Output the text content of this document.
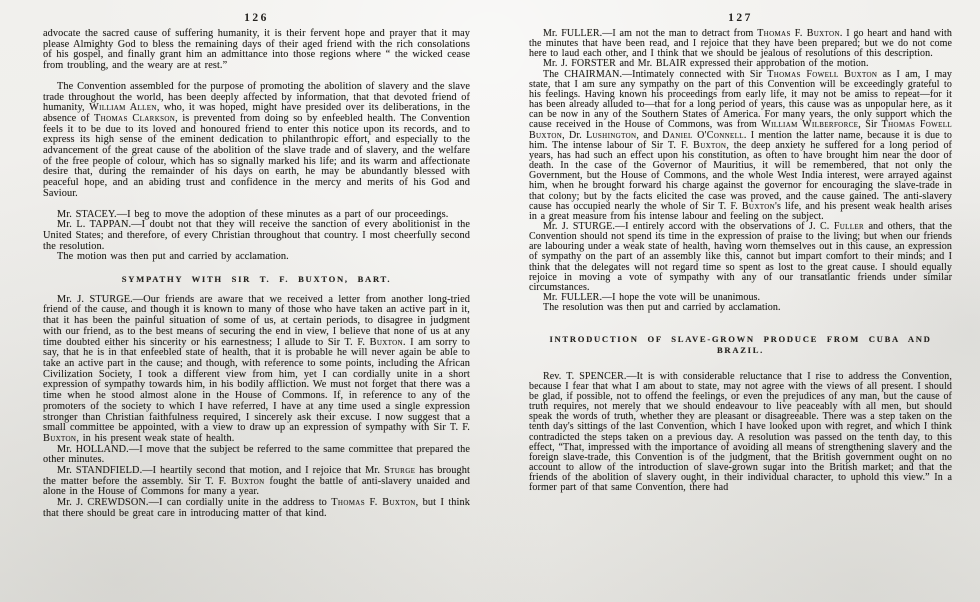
126

advocate the sacred cause of suffering humanity, it is their fervent hope and prayer that it may please Almighty God to bless the remaining days of their aged friend with the rich consolations of his gospel, and finally grant him an admittance into those regions where “ the wicked cease from troubling, and the weary are at rest.”

The Convention assembled for the purpose of promoting the abolition of slavery and the slave trade throughout the world, has been deeply affected by information, that that devoted friend of humanity, William Allen, who, it was hoped, might have presided over its deliberations, in the absence of Thomas Clarkson, is prevented from doing so by enfeebled health. The Convention feels it to be due to its loved and honoured friend to enter this notice upon its records, and to express its high sense of the eminent dedication to philanthropic effort, and especially to the advancement of the great cause of the abolition of the slave trade and of slavery, and the welfare of the free people of colour, which has so signally marked his life; and its warm and affectionate desire that, during the remainder of his days on earth, he may be abundantly blessed with peaceful hope, and an abiding trust and confidence in the mercy and merits of his God and Saviour.

Mr. STACEY.—I beg to move the adoption of these minutes as a part of our proceedings.

Mr. L. TAPPAN.—I doubt not that they will receive the sanction of every abolitionist in the United States; and therefore, of every Christian throughout that country. I most cheerfully second the resolution.

The motion was then put and carried by acclamation.

SYMPATHY WITH SIR T. F. BUXTON, BART.

Mr. J. STURGE.—Our friends are aware that we received a letter from another long-tried friend of the cause, and though it is known to many of those who have taken an active part in it, that it has been the painful situation of some of us, at certain periods, to disagree in judgment with our friend, as to the best means of securing the end in view, I believe that none of us at any time doubted either his sincerity or his earnestness; I allude to Sir T. F. Buxton. I am sorry to say, that he is in that enfeebled state of health, that it is probable he will never again be able to take an active part in the cause; and though, with reference to some points, including the African Civilization Society, I took a different view from him, yet I can cordially unite in a short expression of sympathy towards him, in his bodily affliction. We must not forget that there was a time when he stood almost alone in the House of Commons. If, in reference to any of the promoters of the society to which I have referred, I have at any time used a single expression stronger than Christian faithfulness required, I sincerely ask their excuse. I now suggest that a small committee be appointed, with a view to draw up an expression of sympathy with Sir T. F. Buxton, in his present weak state of health.

Mr. HOLLAND.—I move that the subject be referred to the same committee that prepared the other minutes.

Mr. STANDFIELD.—I heartily second that motion, and I rejoice that Mr. Sturge has brought the matter before the assembly. Sir T. F. Buxton fought the battle of anti-slavery unaided and alone in the House of Commons for many a year.

Mr. J. CREWDSON.—I can cordially unite in the address to Thomas F. Buxton, but I think that there should be great care in introducing matter of that kind.

127

Mr. FULLER.—I am not the man to detract from Thomas F. Buxton. I go heart and hand with the minutes that have been read, and I rejoice that they have been prepared; but we do not come here to laud each other, and I think that we should be jealous of resolutions of this description.

Mr. J. FORSTER and Mr. BLAIR expressed their approbation of the motion.

The CHAIRMAN.—Intimately connected with Sir Thomas Fowell Buxton as I am, I may state, that I am sure any sympathy on the part of this Convention will be exceedingly grateful to his feelings. Having known his proceedings from early life, it may not be amiss to repeat—for it has been already alluded to—that for a long period of years, this cause was as unpopular here, as it can be now in any of the Southern States of America. For many years, the only support which the cause received in the House of Commons, was from William Wilberforce, Sir Thomas Fowell Buxton, Dr. Lushington, and Daniel O'Connell. I mention the latter name, because it is due to him. The intense labour of Sir T. F. Buxton, the deep anxiety he suffered for a long period of years, has had such an effect upon his constitution, as often to have brought him near the door of death. In the case of the Governor of Mauritius, it will be remembered, that not only the Government, but the House of Commons, and the whole West India interest, were arrayed against him, when he brought forward his charge against the governor for encouraging the slave-trade in that colony; but by the facts elicited the case was proved, and the cause gained. The anti-slavery cause has occupied nearly the whole of Sir T. F. Buxton's life, and his present weak health arises in a great measure from his intense labour and feeling on the subject.

Mr. J. STURGE.—I entirely accord with the observations of J. C. Fuller and others, that the Convention should not spend its time in the expression of praise to the living; but when our friends are labouring under a weak state of health, having worn themselves out in this cause, an expression of sympathy on the part of an assembly like this, cannot but impart comfort to their minds; and I think that the delegates will not regard time so spent as lost to the great cause. I should equally rejoice in moving a vote of sympathy with any of our transatlantic friends under similar circumstances.

Mr. FULLER.—I hope the vote will be unanimous.

The resolution was then put and carried by acclamation.

INTRODUCTION OF SLAVE-GROWN PRODUCE FROM CUBA AND BRAZIL.

Rev. T. SPENCER.—It is with considerable reluctance that I rise to address the Convention, because I fear that what I am about to state, may not agree with the views of all present. I should be glad, if possible, not to offend the feelings, or even the prejudices of any man, but the cause of truth requires, not merely that we should endeavour to live peaceably with all men, but should speak the words of truth, whether they are pleasant or disagreeable. There was a step taken on the tenth day's sittings of the last Convention, which I have looked upon with regret, and which I think contradicted the steps taken on a previous day. A resolution was passed on the tenth day, to this effect, “That, impressed with the importance of avoiding all means of strengthening slavery and the foreign slave-trade, this Convention is of the judgment, that the British government ought on no account to allow of the introduction of slave-grown sugar into the British market; and that the friends of the abolition of slavery ought, in their individual character, to uphold this view.” In a former part of that same Convention, there had
